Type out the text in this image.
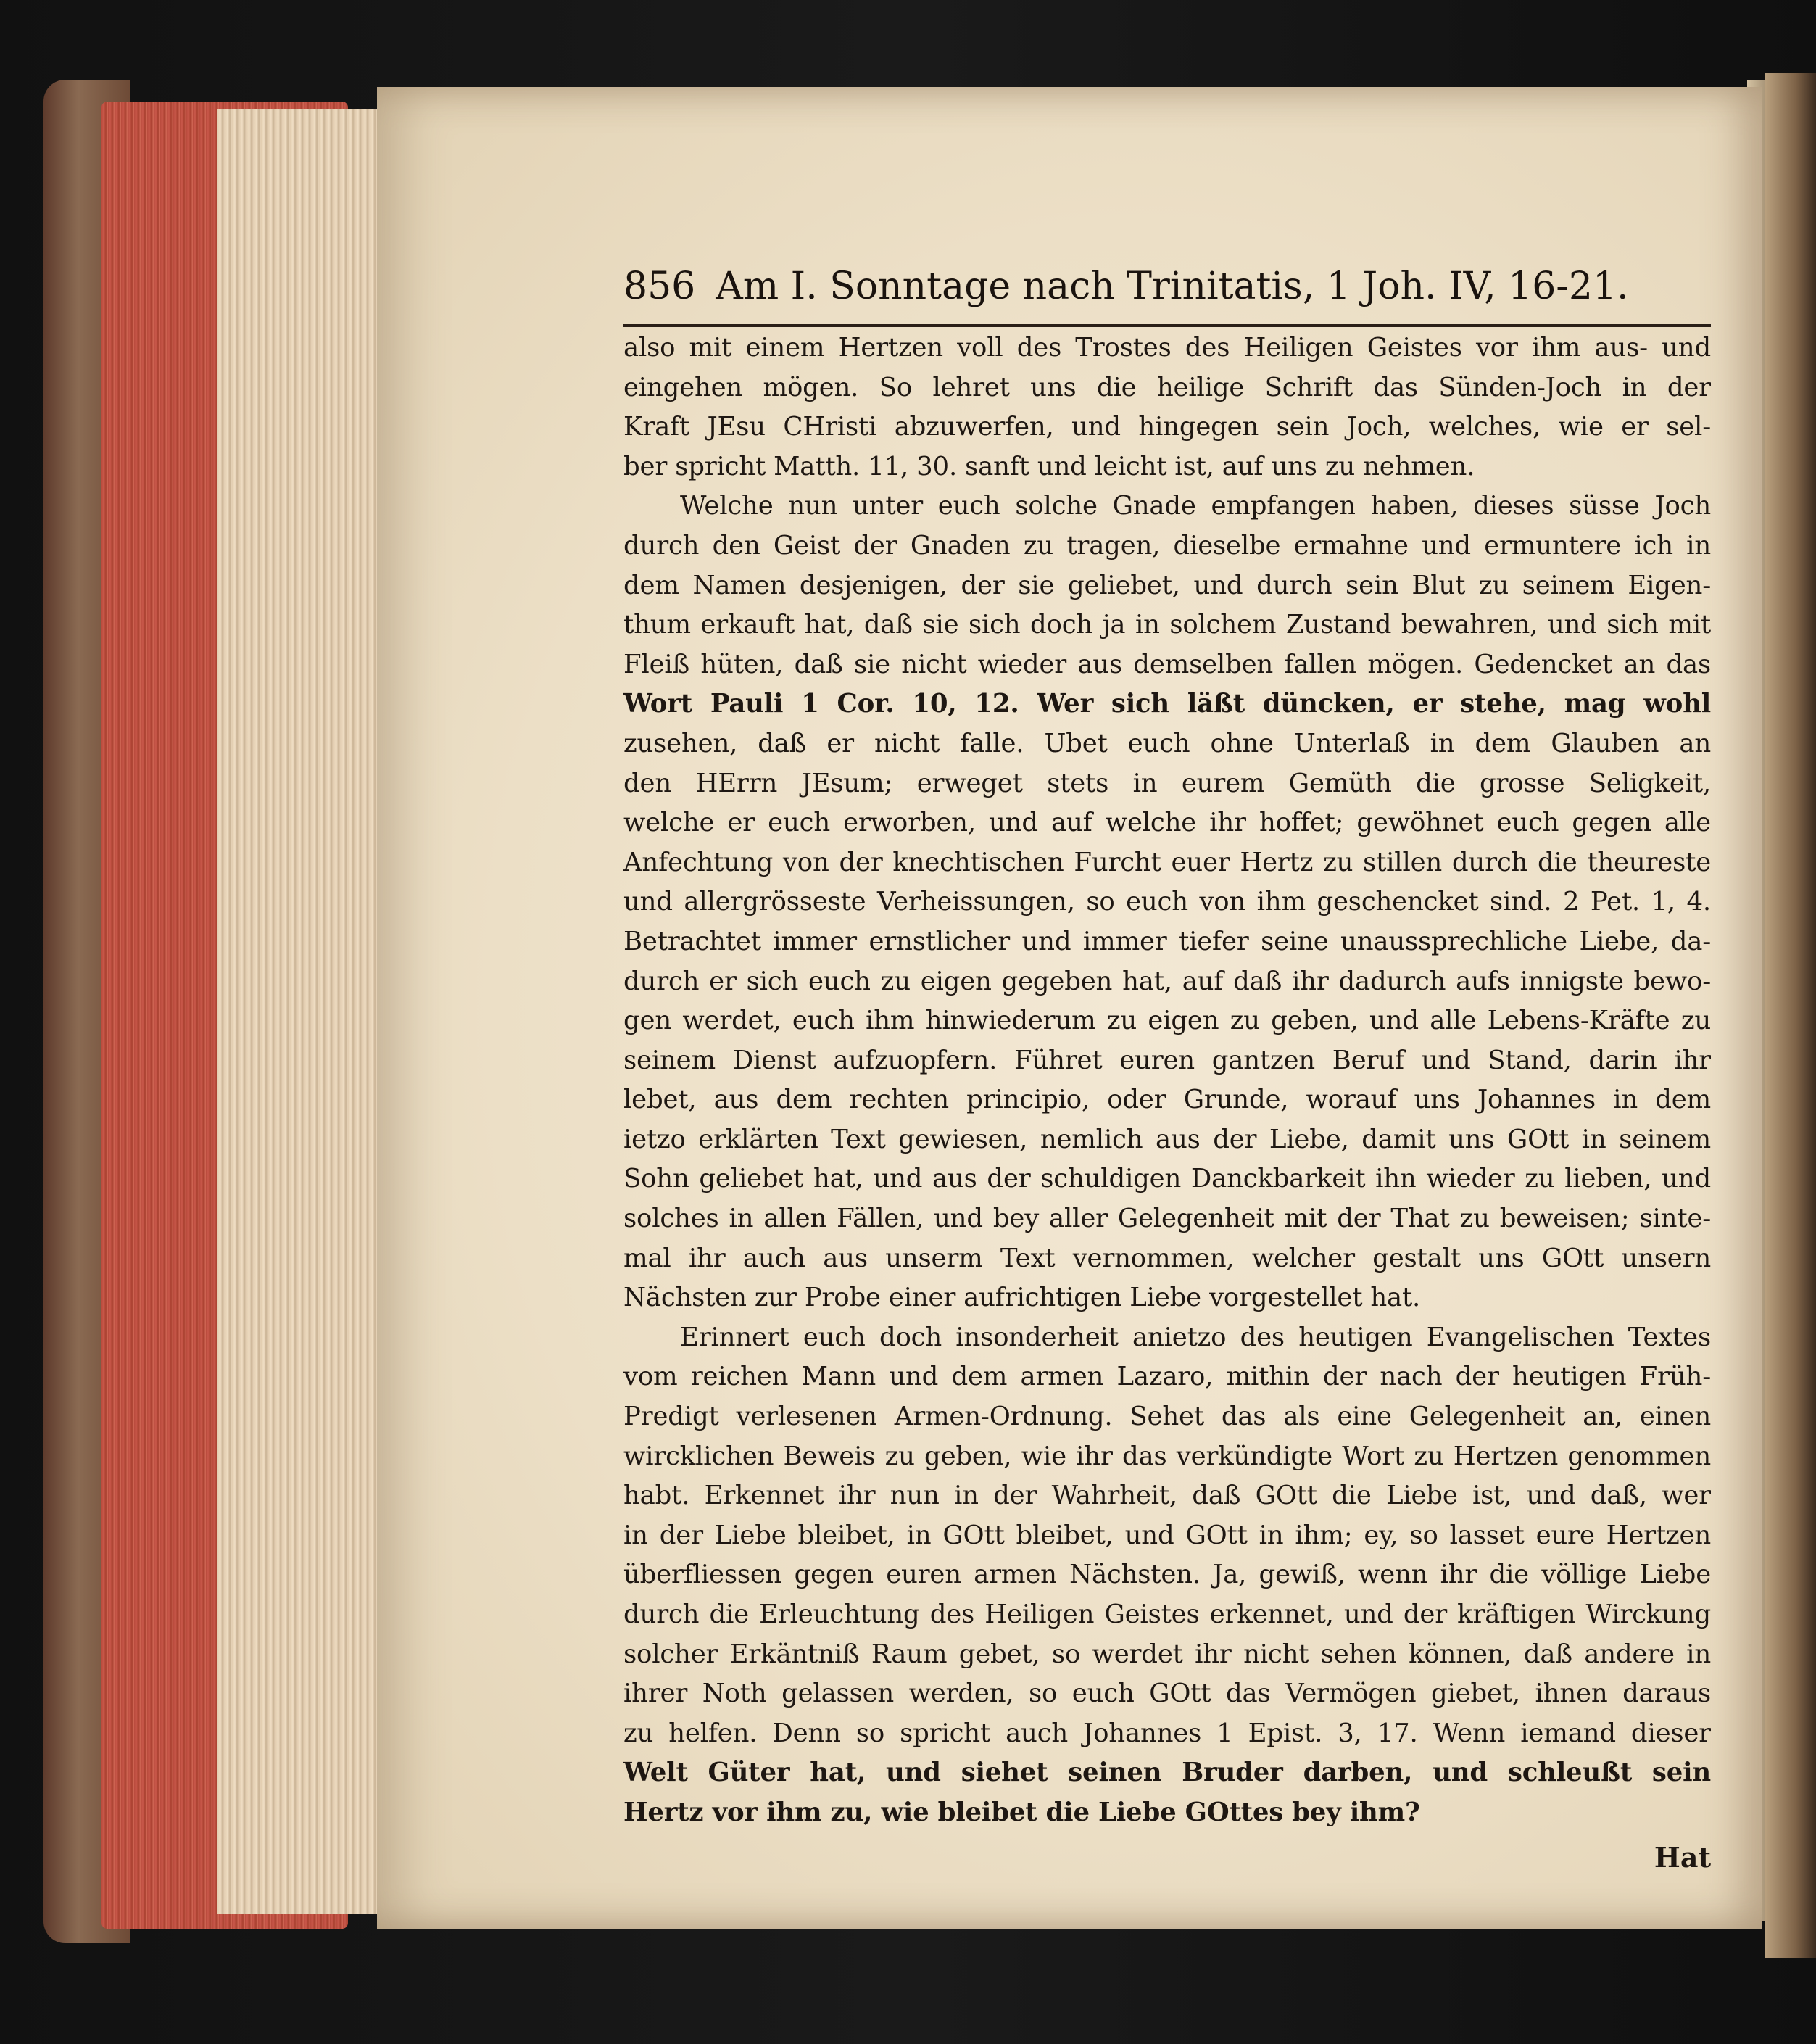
856 Am I. Sonntage nach Trinitatis, 1 Joh. IV, 16-21.
also mit einem Hertzen voll des Trostes des Heiligen Geistes vor ihm aus- und
eingehen mögen. So lehret uns die heilige Schrift das Sünden-Joch in der
Kraft JEsu CHristi abzuwerfen, und hingegen sein Joch, welches, wie er sel-
ber spricht Matth. 11, 30. sanft und leicht ist, auf uns zu nehmen.
Welche nun unter euch solche Gnade empfangen haben, dieses süsse Joch
durch den Geist der Gnaden zu tragen, dieselbe ermahne und ermuntere ich in
dem Namen desjenigen, der sie geliebet, und durch sein Blut zu seinem Eigen-
thum erkauft hat, daß sie sich doch ja in solchem Zustand bewahren, und sich mit
Fleiß hüten, daß sie nicht wieder aus demselben fallen mögen. Gedencket an das
Wort Pauli 1 Cor. 10, 12. Wer sich läßt düncken, er stehe, mag wohl
zusehen, daß er nicht falle. Ubet euch ohne Unterlaß in dem Glauben an
den HErrn JEsum; erweget stets in eurem Gemüth die grosse Seligkeit,
welche er euch erworben, und auf welche ihr hoffet; gewöhnet euch gegen alle
Anfechtung von der knechtischen Furcht euer Hertz zu stillen durch die theureste
und allergrösseste Verheissungen, so euch von ihm geschencket sind. 2 Pet. 1, 4.
Betrachtet immer ernstlicher und immer tiefer seine unaussprechliche Liebe, da-
durch er sich euch zu eigen gegeben hat, auf daß ihr dadurch aufs innigste bewo-
gen werdet, euch ihm hinwiederum zu eigen zu geben, und alle Lebens-Kräfte zu
seinem Dienst aufzuopfern. Führet euren gantzen Beruf und Stand, darin ihr
lebet, aus dem rechten principio, oder Grunde, worauf uns Johannes in dem
ietzo erklärten Text gewiesen, nemlich aus der Liebe, damit uns GOtt in seinem
Sohn geliebet hat, und aus der schuldigen Danckbarkeit ihn wieder zu lieben, und
solches in allen Fällen, und bey aller Gelegenheit mit der That zu beweisen; sinte-
mal ihr auch aus unserm Text vernommen, welcher gestalt uns GOtt unsern
Nächsten zur Probe einer aufrichtigen Liebe vorgestellet hat.
Erinnert euch doch insonderheit anietzo des heutigen Evangelischen Textes
vom reichen Mann und dem armen Lazaro, mithin der nach der heutigen Früh-
Predigt verlesenen Armen-Ordnung. Sehet das als eine Gelegenheit an, einen
wircklichen Beweis zu geben, wie ihr das verkündigte Wort zu Hertzen genommen
habt. Erkennet ihr nun in der Wahrheit, daß GOtt die Liebe ist, und daß, wer
in der Liebe bleibet, in GOtt bleibet, und GOtt in ihm; ey, so lasset eure Hertzen
überfliessen gegen euren armen Nächsten. Ja, gewiß, wenn ihr die völlige Liebe
durch die Erleuchtung des Heiligen Geistes erkennet, und der kräftigen Wirckung
solcher Erkäntniß Raum gebet, so werdet ihr nicht sehen können, daß andere in
ihrer Noth gelassen werden, so euch GOtt das Vermögen giebet, ihnen daraus
zu helfen. Denn so spricht auch Johannes 1 Epist. 3, 17. Wenn iemand dieser
Welt Güter hat, und siehet seinen Bruder darben, und schleußt sein
Hertz vor ihm zu, wie bleibet die Liebe GOttes bey ihm?
Hat
